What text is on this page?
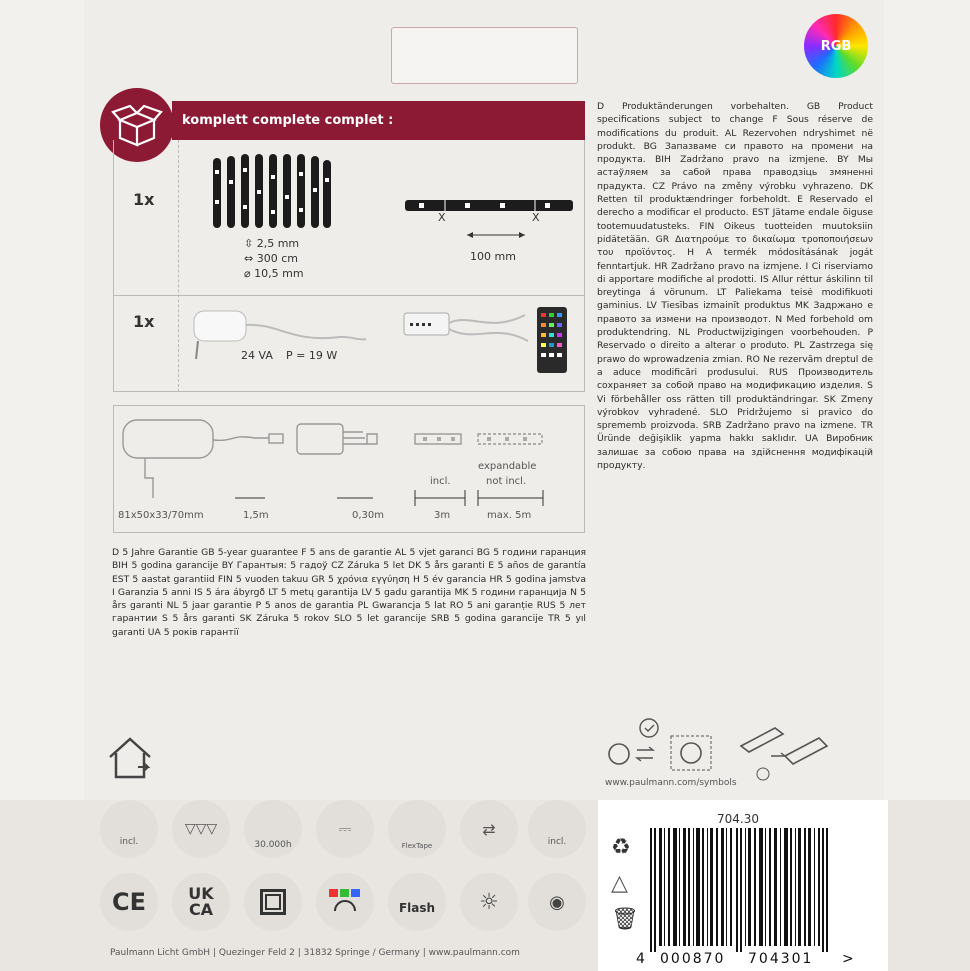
RGB
komplett complete complet :
1x
1x
⇳ 2,5 mm
⇔ 300 cm
⌀ 10,5 mm
X	X
100 mm
24 VA P = 19 W
81x50x33/70mm	1,5m	0,30m
incl.
3m
expandable
not incl.
max. 5m
D Produktänderungen vorbehalten. GB Product specifications subject to change F Sous réserve de modifications du produit. AL Rezervohen ndryshimet në produkt. BG Запазваме си правото на промени на продукта. BIH Zadržano pravo na izmjene. BY Мы астаўляем за сабой права праводзіць змяненні прадукта. CZ Právo na změny výrobku vyhrazeno. DK Retten til produktændringer forbeholdt. E Reservado el derecho a modificar el producto. EST Jätame endale õiguse tootemuudatusteks. FIN Oikeus tuotteiden muutoksiin pidätetään. GR Διατηρούμε το δικαίωμα τροποποιήσεων του προϊόντος. H A termék módosításának jogát fenntartjuk. HR Zadržano pravo na izmjene. I Ci riserviamo di apportare modifiche al prodotti. IS Allur réttur áskilinn til breytinga á vörunum. LT Paliekama teisė modifikuoti gaminius. LV Tiesības izmainīt produktus MK Задржано е правото за измени на производот. N Med forbehold om produktendring. NL Productwijzigingen voorbehouden. P Reservado o direito a alterar o produto. PL Zastrzega się prawo do wprowadzenia zmian. RO Ne rezervăm dreptul de a aduce modificări produsului. RUS Производитель сохраняет за собой право на модификацию изделия. S Vi förbehåller oss rätten till produktändringar. SK Zmeny výrobkov vyhradené. SLO Pridržujemo si pravico do sprememb proizvoda. SRB Zadržano pravo na izmene. TR Üründe değişiklik yapma hakkı saklıdır. UA Виробник залишає за собою права на здійснення модифікацій продукту.
D 5 Jahre Garantie GB 5-year guarantee F 5 ans de garantie AL 5 vjet garanci BG 5 години гаранция BIH 5 godina garancije BY Гарантыя: 5 гадоў CZ Záruka 5 let DK 5 års garanti E 5 años de garantía EST 5 aastat garantiid FIN 5 vuoden takuu GR 5 χρόνια εγγύηση H 5 év garancia HR 5 godina jamstva I Garanzia 5 anni IS 5 ára ábyrgð LT 5 metų garantija LV 5 gadu garantija MK 5 години гаранција N 5 års garanti NL 5 jaar garantie P 5 anos de garantia PL Gwarancja 5 lat RO 5 ani garanție RUS 5 лет гарантии S 5 års garanti SK Záruka 5 rokov SLO 5 let garancije SRB 5 godina garancije TR 5 yıl garanti UA 5 років гарантії
www.paulmann.com/symbols
incl.
▽▽▽
30.000h
⎓
FlexTape
⇄
incl.
CE	UK
CA	Flash ☼	◉
Paulmann Licht GmbH | Quezinger Feld 2 | 31832 Springe / Germany | www.paulmann.com
704.30
♻
△
🗑
4 000870 704301 >
